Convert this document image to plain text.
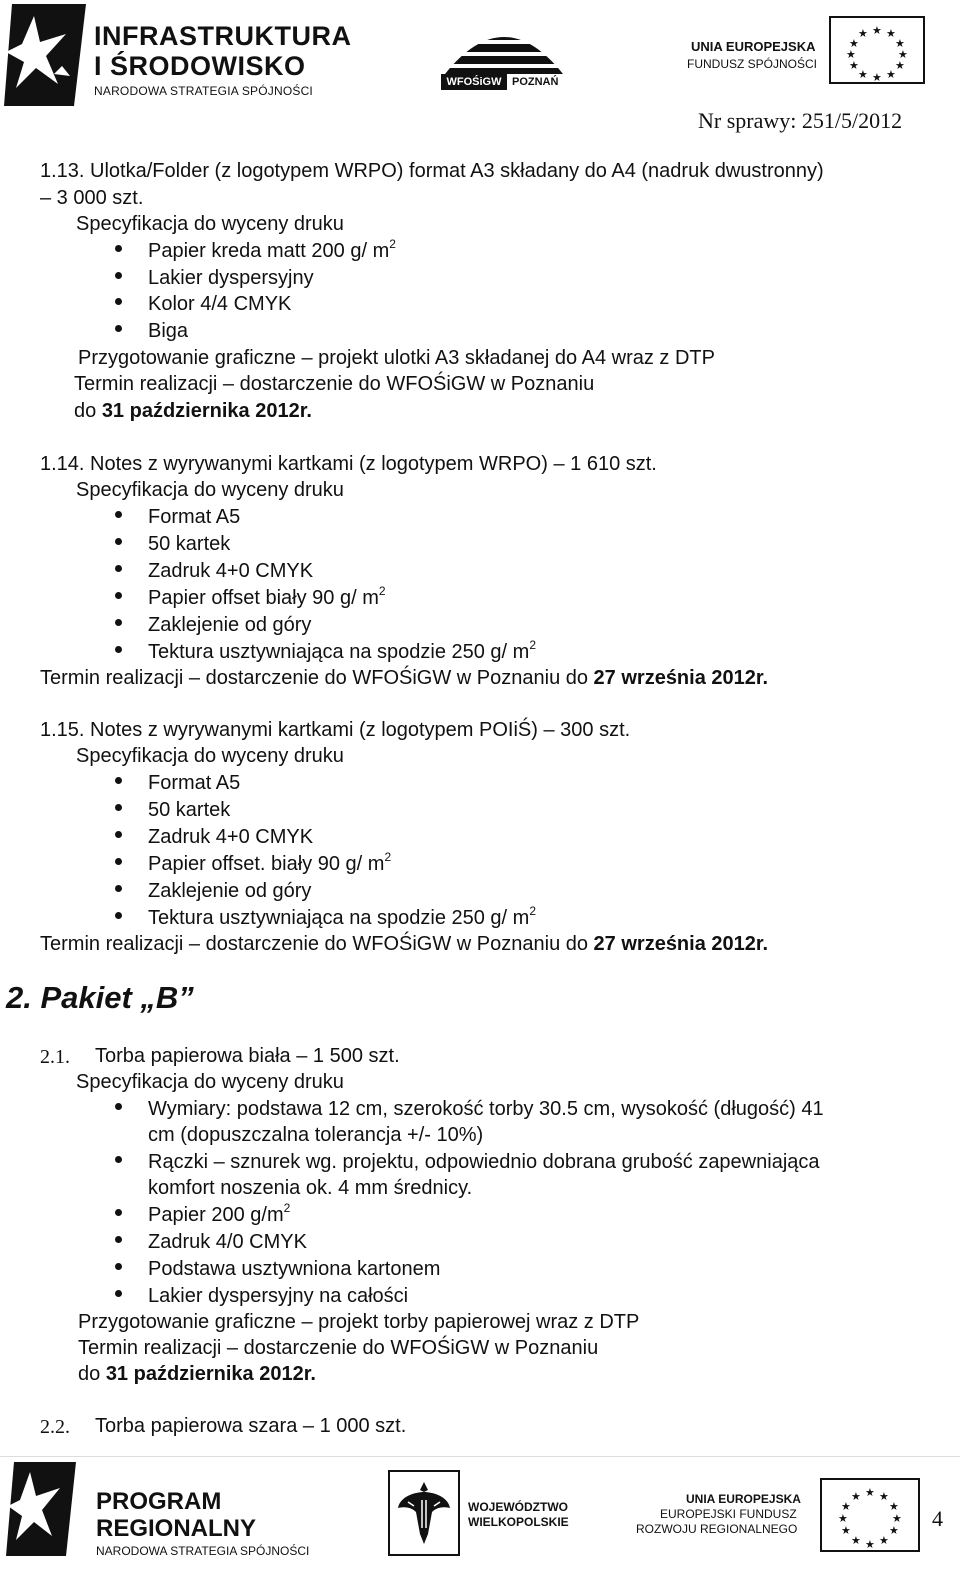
INFRASTRUKTURA
I ŚRODOWISKO
NARODOWA STRATEGIA SPÓJNOŚCI
WFOŚiGW POZNAŃ
UNIA EUROPEJSKA
FUNDUSZ SPÓJNOŚCI
★ ★
★
★
★
★
★
★
★
★
★
★
Nr sprawy: 251/5/2012
1.13. Ulotka/Folder (z logotypem WRPO) format A3 składany do A4 (nadruk dwustronny)
– 3 000 szt.
Specyfikacja do wyceny druku
Papier kreda matt 200 g/ $m^2$
Lakier dyspersyjny
Kolor 4/4 CMYK
Biga
Przygotowanie graficzne – projekt ulotki A3 składanej do A4 wraz z DTP
Termin realizacji – dostarczenie do WFOŚiGW w Poznaniu
do 31 października 2012r.
1.14. Notes z wyrywanymi kartkami (z logotypem WRPO) – 1 610 szt.
Specyfikacja do wyceny druku
Format A5
50 kartek
Zadruk 4+0 CMYK
Papier offset biały 90 g/ $m^2$
Zaklejenie od góry
Tektura usztywniająca na spodzie 250 g/ $m^2$
Termin realizacji – dostarczenie do WFOŚiGW w Poznaniu do 27 września 2012r.
1.15. Notes z wyrywanymi kartkami (z logotypem POIiŚ) – 300 szt.
Specyfikacja do wyceny druku
Format A5
50 kartek
Zadruk 4+0 CMYK
Papier offset. biały 90 g/ $m^2$
Zaklejenie od góry
Tektura usztywniająca na spodzie 250 g/ $m^2$
Termin realizacji – dostarczenie do WFOŚiGW w Poznaniu do 27 września 2012r.
2. Pakiet „B”
2.1. Torba papierowa biała – 1 500 szt.
Specyfikacja do wyceny druku
Wymiary: podstawa 12 cm, szerokość torby 30.5 cm, wysokość (długość) 41
cm (dopuszczalna tolerancja +/- 10%)
Rączki – sznurek wg. projektu, odpowiednio dobrana grubość zapewniająca
komfort noszenia ok. 4 mm średnicy.
Papier 200 $g/m^2$
Zadruk 4/0 CMYK
Podstawa usztywniona kartonem
Lakier dyspersyjny na całości
Przygotowanie graficzne – projekt torby papierowej wraz z DTP
Termin realizacji – dostarczenie do WFOŚiGW w Poznaniu
do 31 października 2012r.
2.2. Torba papierowa szara – 1 000 szt.
PROGRAM
REGIONALNY
NARODOWA STRATEGIA SPÓJNOŚCI
WOJEWÓDZTWO
WIELKOPOLSKIE
UNIA EUROPEJSKA
EUROPEJSKI FUNDUSZ
ROZWOJU REGIONALNEGO
★ ★
★
★
★
★
★
★
★
★
★
★
4
